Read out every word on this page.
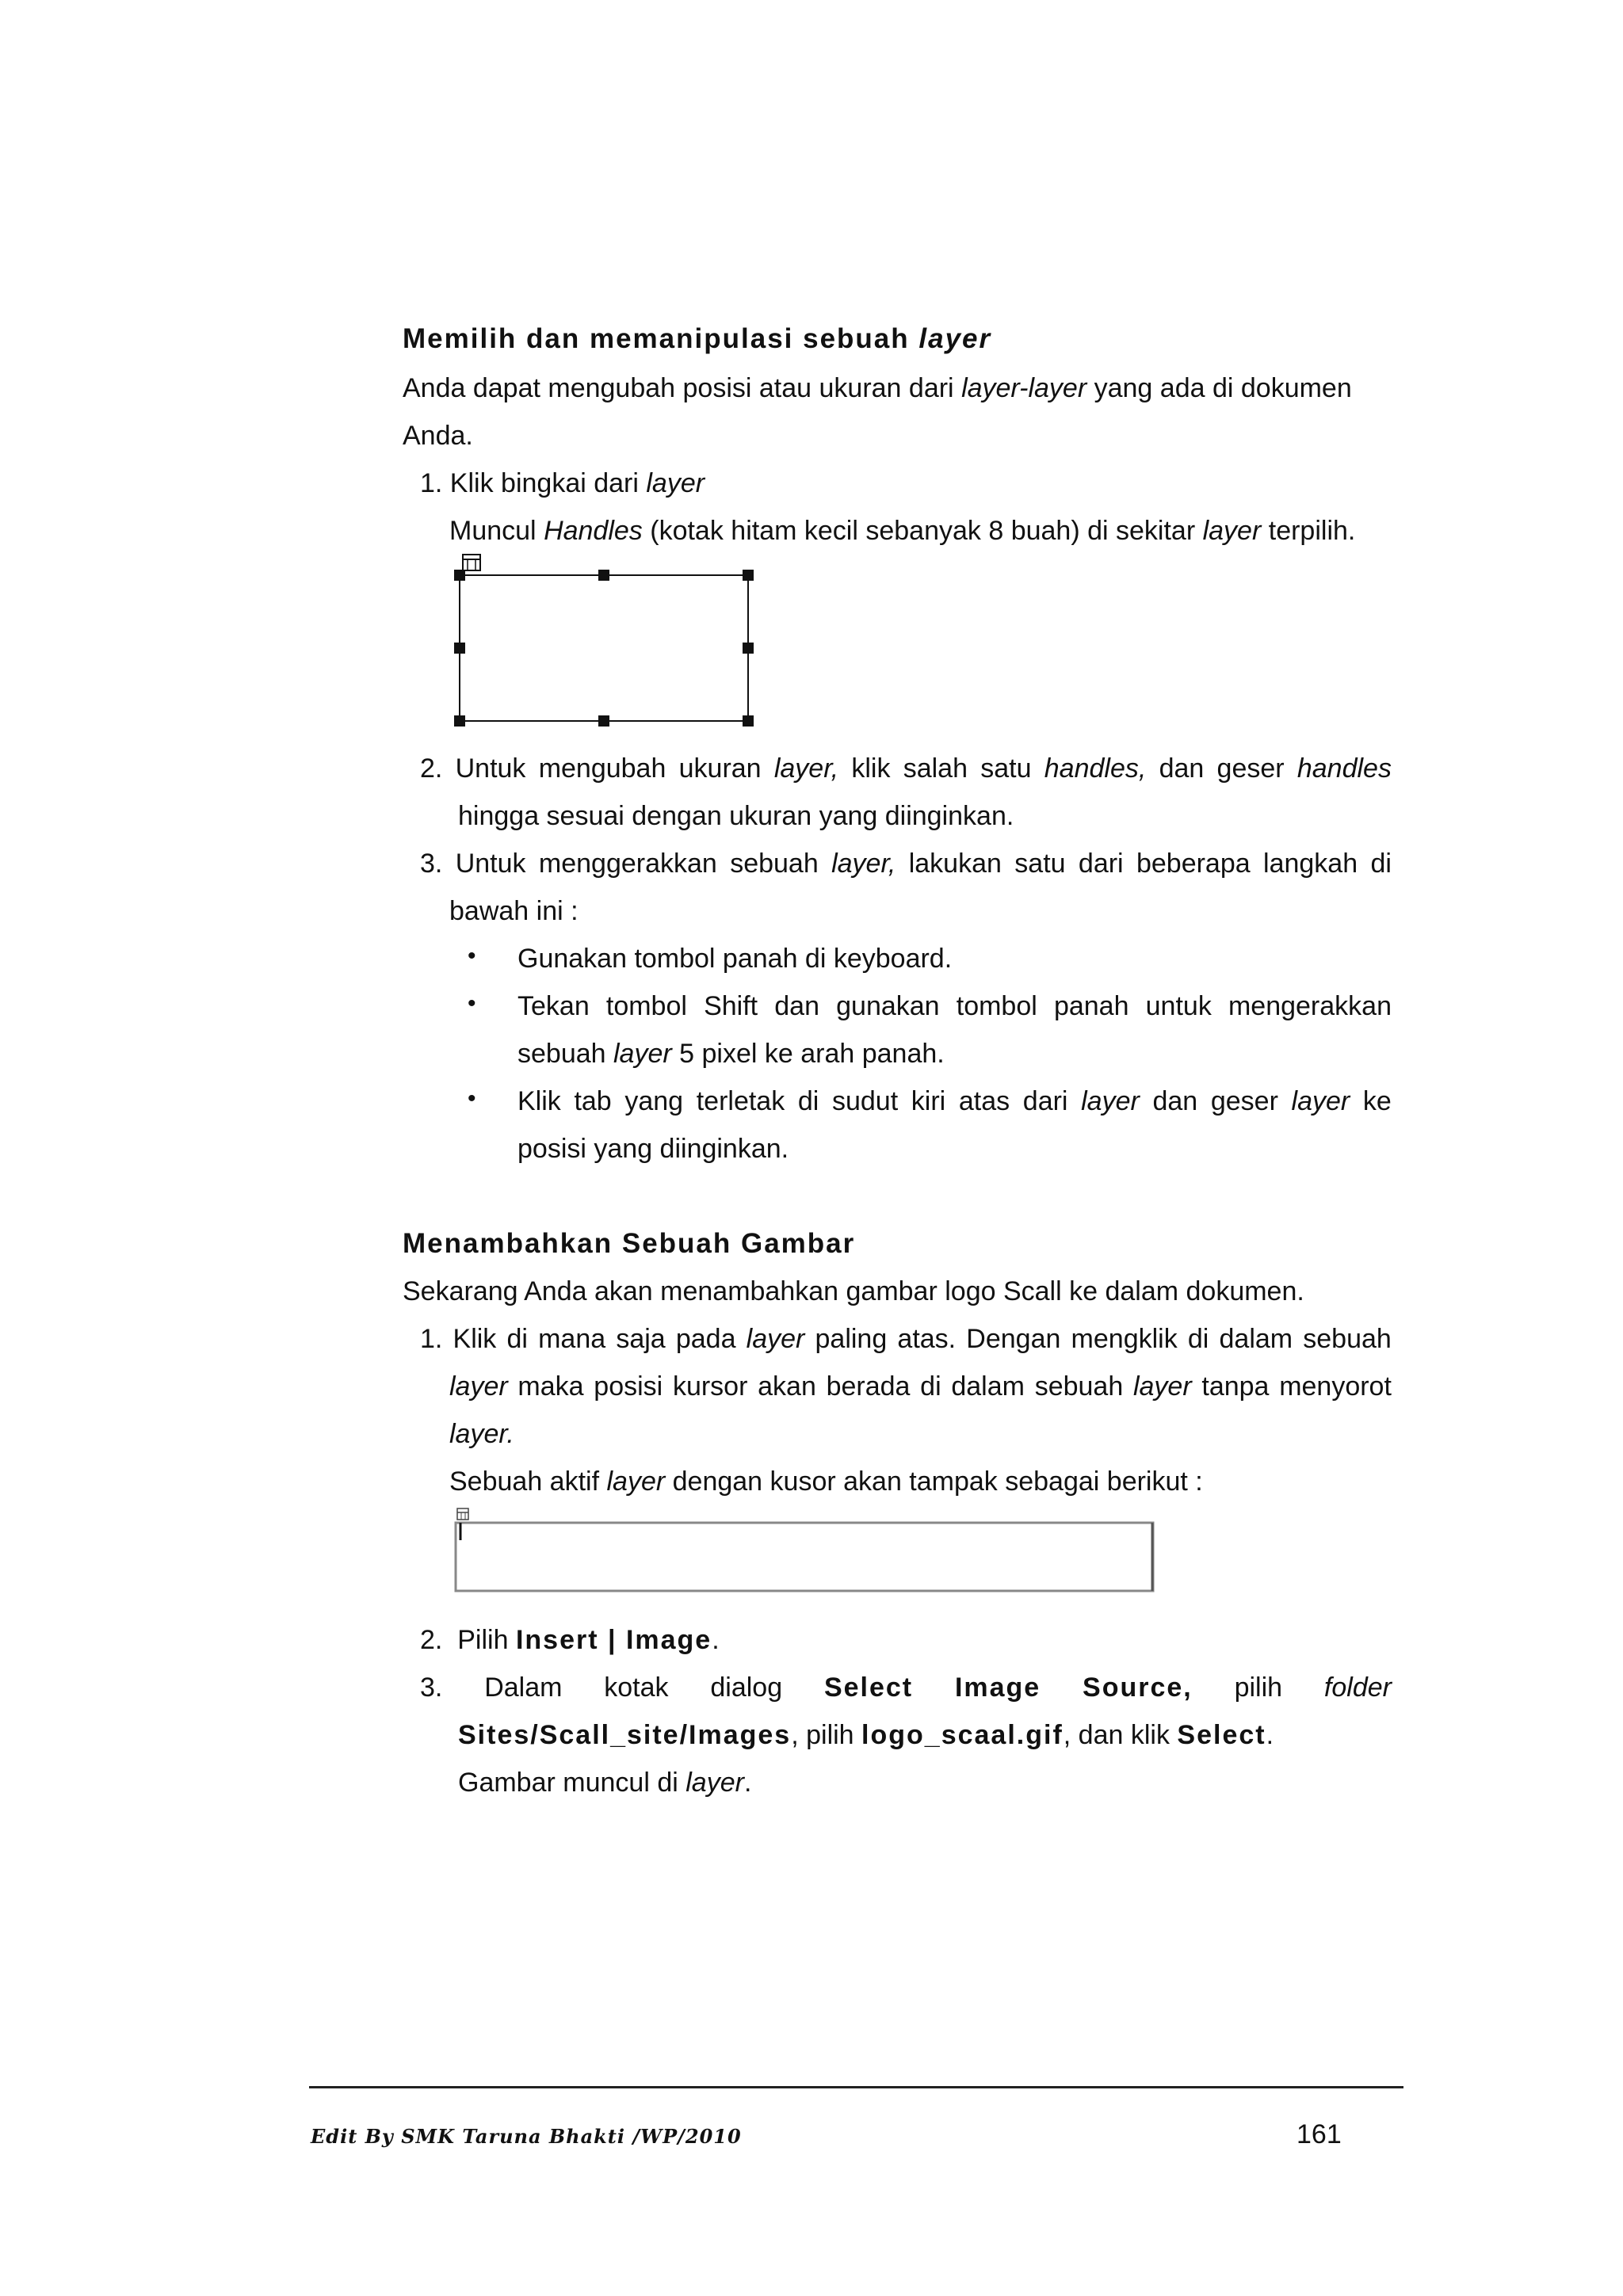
Memilih dan memanipulasi sebuah layer
Anda dapat mengubah posisi atau ukuran dari layer-layer yang ada di dokumen
Anda.
1. Klik bingkai dari layer
Muncul Handles (kotak hitam kecil sebanyak 8 buah) di sekitar layer terpilih.
2. Untuk mengubah ukuran layer, klik salah satu handles, dan geser handles
hingga sesuai dengan ukuran yang diinginkan.
3. Untuk menggerakkan sebuah layer, lakukan satu dari beberapa langkah di
bawah ini :
• Gunakan tombol panah di keyboard.
• Tekan tombol Shift dan gunakan tombol panah untuk mengerakkan
sebuah layer 5 pixel ke arah panah.
• Klik tab yang terletak di sudut kiri atas dari layer dan geser layer ke
posisi yang diinginkan.
Menambahkan Sebuah Gambar
Sekarang Anda akan menambahkan gambar logo Scall ke dalam dokumen.
1. Klik di mana saja pada layer paling atas. Dengan mengklik di dalam sebuah
layer maka posisi kursor akan berada di dalam sebuah layer tanpa menyorot
layer.
Sebuah aktif layer dengan kusor akan tampak sebagai berikut :
2.  Pilih Insert | Image.
3. Dalam kotak dialog Select Image Source, pilih folder
Sites/Scall_site/Images, pilih logo_scaal.gif, dan klik Select.
Gambar muncul di layer.
Edit By SMK Taruna Bhakti /WP/2010	161
